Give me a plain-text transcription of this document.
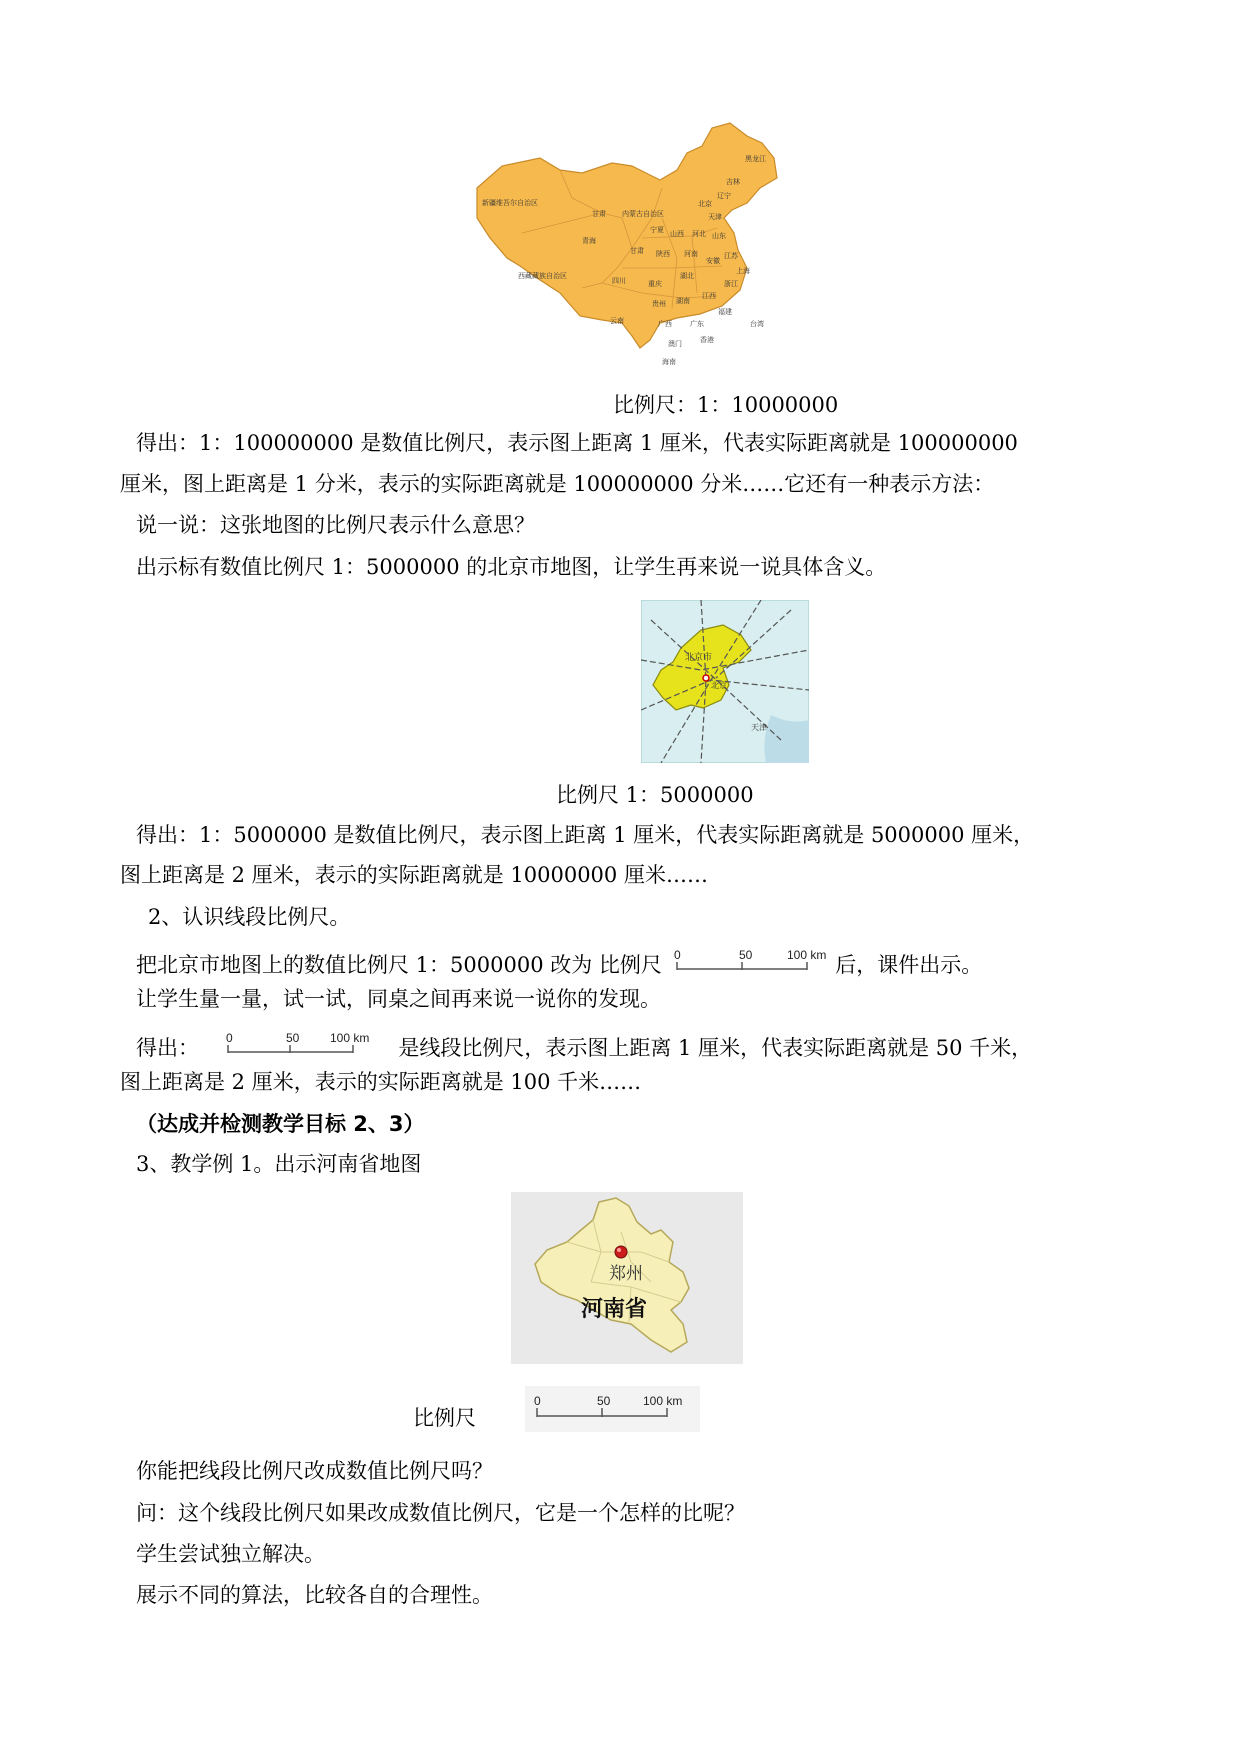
黑龙江
吉林
辽宁
北京
天津
新疆维吾尔自治区
甘肃 内蒙古自治区
宁夏 山西 河北 山东
青海
甘肃 陕西 河南
安徽
江苏
上海
西藏藏族自治区
四川
湖北
重庆	浙江
贵州 湖南
江西
云南	广西
福建
广东	台湾
香港
澳门
海南
比例尺：1：10000000
得出：1：100000000 是数值比例尺，表示图上距离 1 厘米，代表实际距离就是 100000000
厘米，图上距离是 1 分米，表示的实际距离就是 100000000 分米……它还有一种表示方法：
说一说：这张地图的比例尺表示什么意思？
出示标有数值比例尺 1：5000000 的北京市地图，让学生再来说一说具体含义。
北京市
北京
天津
比例尺 1：5000000
得出：1：5000000 是数值比例尺，表示图上距离 1 厘米，代表实际距离就是 5000000 厘米，
图上距离是 2 厘米，表示的实际距离就是 10000000 厘米……
2、认识线段比例尺。
把北京市地图上的数值比例尺 1：5000000 改为 比例尺 0	50	100 km 后，课件出示。
让学生量一量，试一试，同桌之间再来说一说你的发现。
得出： 0	50	100 km 是线段比例尺，表示图上距离 1 厘米，代表实际距离就是 50 千米，
图上距离是 2 厘米，表示的实际距离就是 100 千米……
（达成并检测教学目标 2、3）
3、教学例 1。出示河南省地图
郑州
河南省
比例尺
0	50	100 km
你能把线段比例尺改成数值比例尺吗？
问：这个线段比例尺如果改成数值比例尺，它是一个怎样的比呢？
学生尝试独立解决。
展示不同的算法，比较各自的合理性。
